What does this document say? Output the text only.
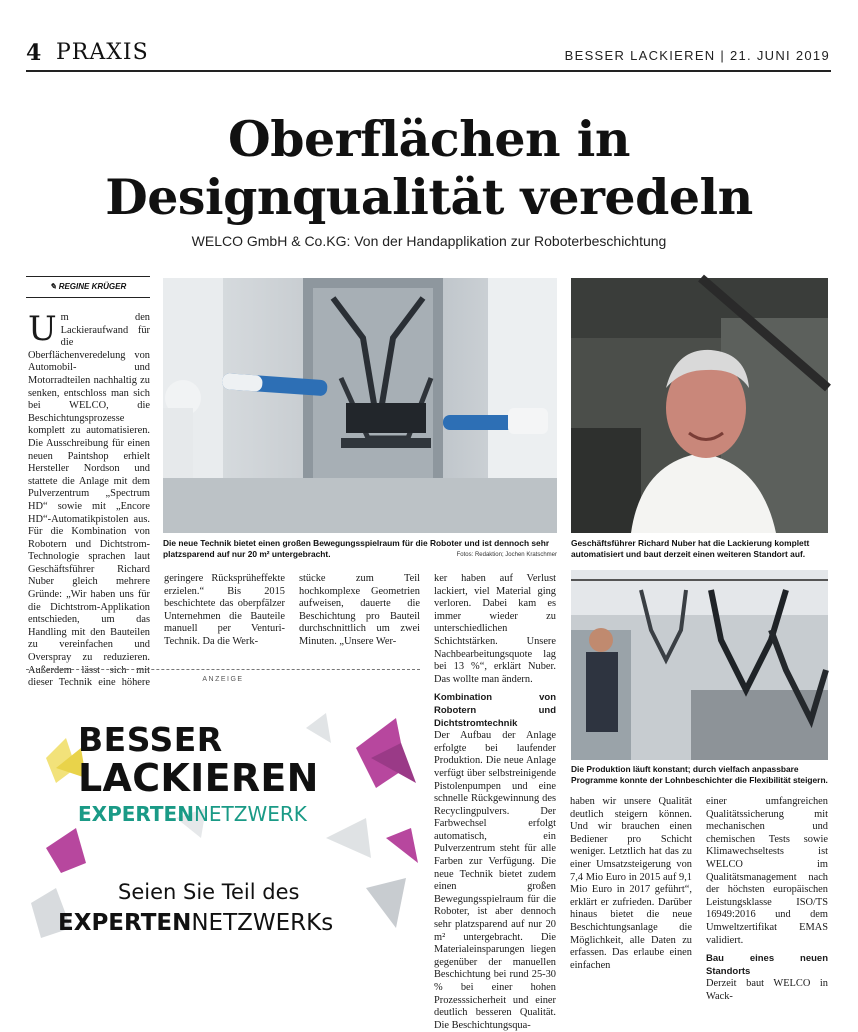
4 PRAXIS	BESSER LACKIEREN | 21. JUNI 2019
Oberflächen in
Designqualität veredeln
WELCO GmbH & Co.KG: Von der Handapplikation zur Roboterbeschichtung
✎ REGINE KRÜGER
Um den Lackieraufwand für die Oberflächenveredelung von Automobil- und Motorradteilen nachhaltig zu senken, entschloss man sich bei WELCO, die Beschichtungsprozesse komplett zu automatisieren. Die Ausschreibung für einen neuen Paintshop erhielt Hersteller Nordson und stattete die Anlage mit dem Pulverzentrum „Spectrum HD“ sowie mit „Encore HD“-Automatikpistolen aus. Für die Kombination von Robotern und Dichtstrom-Technologie sprachen laut Geschäftsführer Richard Nuber gleich mehrere Gründe: „Wir haben uns für die Dichtstrom-Applikation entschieden, um das Handling mit den Bauteilen zu vereinfachen und Overspray zu reduzieren. Außerdem lässt sich mit dieser Technik eine höhere
Die neue Technik bietet einen großen Bewegungsspielraum für die Roboter und ist dennoch sehr platzsparend auf nur 20 m² untergebracht.	Fotos: Redaktion; Jochen Kratschmer
Geschäftsführer Richard Nuber hat die Lackierung komplett automatisiert und baut derzeit einen weiteren Standort auf.
Die Produktion läuft konstant; durch vielfach anpassbare Programme konnte der Lohnbeschichter die Flexibilität steigern.
geringere Rücksprüheffekte erzielen.“ Bis 2015 beschichtete das oberpfälzer Unternehmen die Bauteile manuell per Venturi-Technik. Da die Werk-
stücke zum Teil hochkomplexe Geometrien aufweisen, dauerte die Beschichtung pro Bauteil durchschnittlich um zwei Minuten. „Unsere Wer-

ker haben auf Verlust lackiert, viel Material ging verloren. Dabei kam es immer wieder zu unterschiedlichen Schichtstärken. Unsere Nachbearbeitungsquote lag bei 13 %“, erklärt Nuber. Das wollte man ändern.

Kombination von Robotern und Dichtstromtechnik

Der Aufbau der Anlage erfolgte bei laufender Produktion. Die neue Anlage verfügt über selbstreinigende Pistolenpumpen und eine schnelle Rückgewinnung des Recyclingpulvers. Der Farbwechsel erfolgt automatisch, ein Pulverzentrum steht für alle Farben zur Verfügung. Die neue Technik bietet zudem einen großen Bewegungsspielraum für die Roboter, ist aber dennoch sehr platzsparend auf nur 20 m² untergebracht. Die Materialeinsparungen liegen gegenüber der manuellen Beschichtung bei rund 25-30 % bei einer hohen Prozesssicherheit und einer deutlich besseren Qualität. Die Beschichtungsqua-

haben wir unsere Qualität deutlich steigern können. Und wir brauchen einen Bediener pro Schicht weniger. Letztlich hat das zu einer Umsatzsteigerung von 7,4 Mio Euro in 2015 auf 9,1 Mio Euro in 2017 geführt“, erklärt er zufrieden. Darüber hinaus bietet die neue Beschichtungsanlage die Möglichkeit, alle Daten zu erfassen. Das erlaube einen einfachen

einer umfangreichen Qualitätssicherung mit mechanischen und chemischen Tests sowie Klimawechseltests ist WELCO im Qualitätsmanagement nach der höchsten europäischen Leistungsklasse ISO/TS 16949:2016 und dem Umweltzertifikat EMAS validiert.

Bau eines neuen Standorts

Derzeit baut WELCO in Wack-

ANZEIGE
BESSER
LACKIEREN
EXPERTENNETZWERK
Seien Sie Teil des
EXPERTENNETZWERKs
